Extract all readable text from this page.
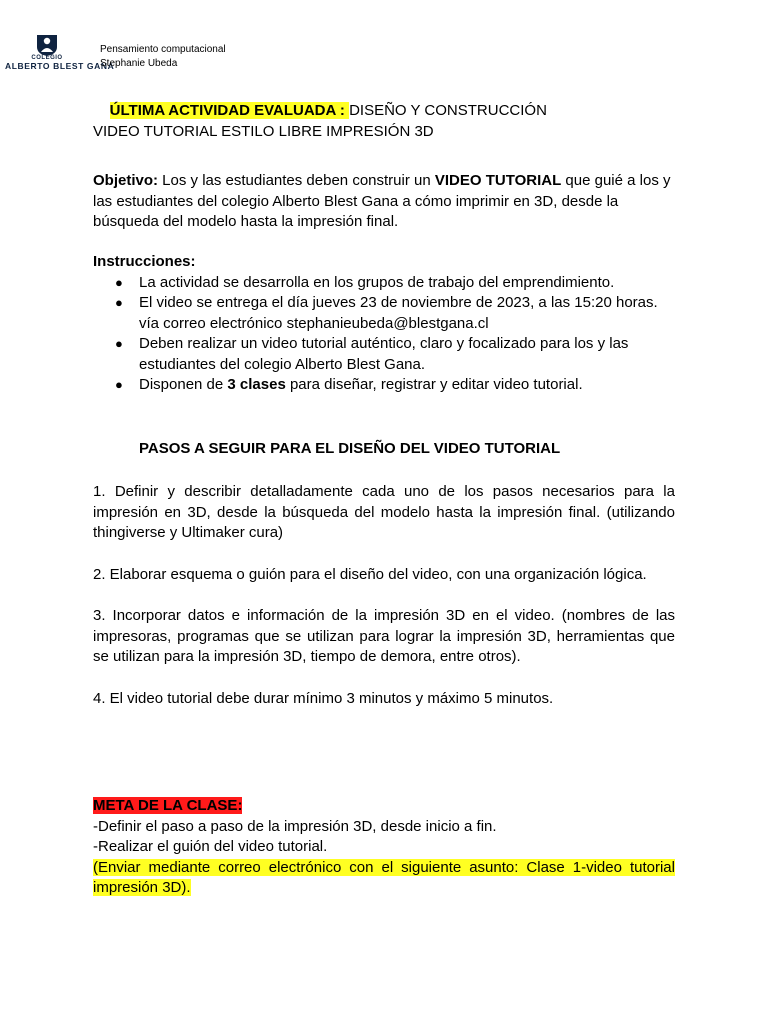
COLEGIO
ALBERTO BLEST GANA
Pensamiento computacional
Stephanie Ubeda
ÚLTIMA ACTIVIDAD EVALUADA : DISEÑO Y CONSTRUCCIÓN
VIDEO TUTORIAL ESTILO LIBRE IMPRESIÓN 3D
Objetivo: Los y las estudiantes deben construir un VIDEO TUTORIAL que guié a los y las estudiantes del colegio Alberto Blest Gana a cómo imprimir en 3D, desde la búsqueda del modelo hasta la impresión final.
Instrucciones:
● La actividad se desarrolla en los grupos de trabajo del emprendimiento.
● El video se entrega el día jueves 23 de noviembre de 2023, a las 15:20 horas. vía correo electrónico stephanieubeda@blestgana.cl
● Deben realizar un video tutorial auténtico, claro y focalizado para los y las estudiantes del colegio Alberto Blest Gana.
● Disponen de 3 clases para diseñar, registrar y editar video tutorial.
PASOS A SEGUIR PARA EL DISEÑO DEL VIDEO TUTORIAL
1. Definir y describir detalladamente cada uno de los pasos necesarios para la impresión en 3D, desde la búsqueda del modelo hasta la impresión final. (utilizando thingiverse y Ultimaker cura)
2. Elaborar esquema o guión para el diseño del video, con una organización lógica.
3. Incorporar datos e información de la impresión 3D en el video. (nombres de las impresoras, programas que se utilizan para lograr la impresión 3D, herramientas que se utilizan para la impresión 3D, tiempo de demora, entre otros).
4. El video tutorial debe durar mínimo 3 minutos y máximo 5 minutos.
META DE LA CLASE:
-Definir el paso a paso de la impresión 3D, desde inicio a fin.
-Realizar el guión del video tutorial.
(Enviar mediante correo electrónico con el siguiente asunto: Clase 1-video tutorial impresión 3D).
